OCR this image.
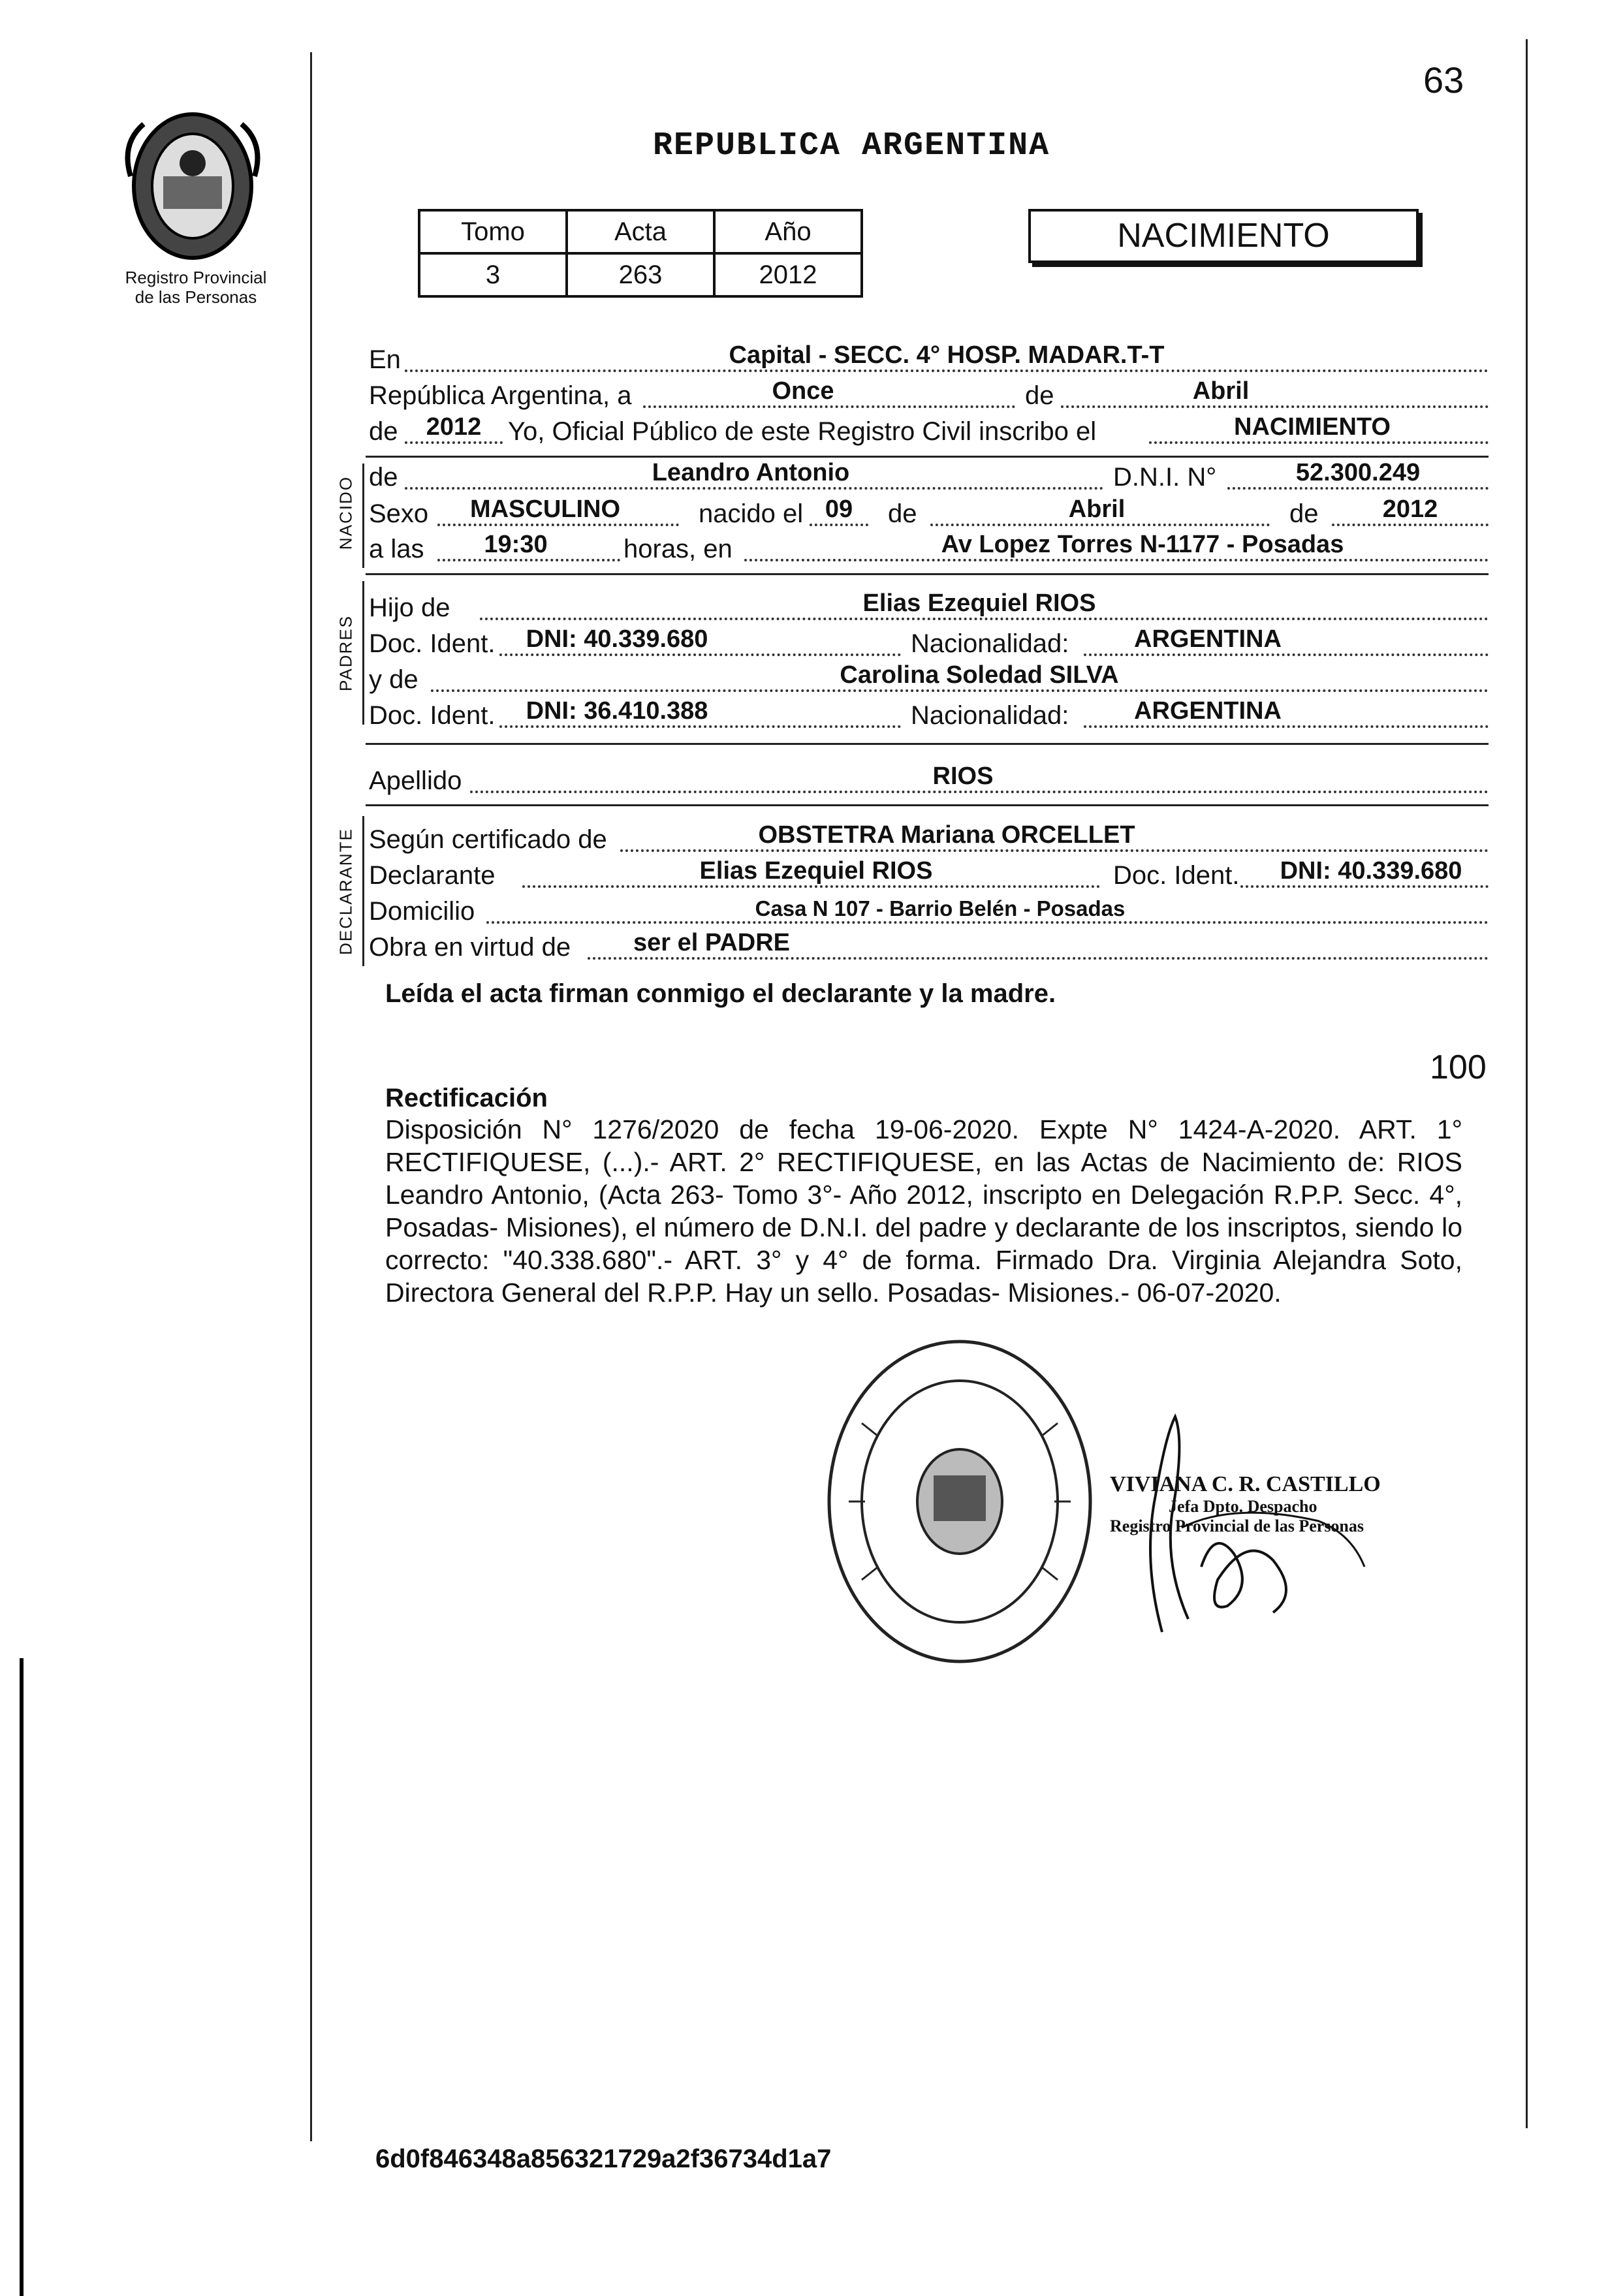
63
Registro Provincial
de las Personas
REPUBLICA ARGENTINA
Tomo	Acta	Año
3	263	2012
NACIMIENTO
En	Capital - SECC. 4° HOSP. MADAR.T-T
República Argentina, a	Once	de	Abril
de	2012	Yo, Oficial Público de este Registro Civil inscribo el	NACIMIENTO
NACIDO de	Leandro Antonio	D.N.I. N°	52.300.249
Sexo	MASCULINO	nacido el 09	de	Abril	de	2012
a las	19:30	horas, en	Av Lopez Torres N-1177 - Posadas
PADRES
Hijo de	Elias Ezequiel RIOS
Doc. Ident.	DNI: 40.339.680	Nacionalidad:	ARGENTINA
y de	Carolina Soledad SILVA
Doc. Ident.	DNI: 36.410.388	Nacionalidad:	ARGENTINA
Apellido	RIOS
DECLARANTE Según certificado de	OBSTETRA Mariana ORCELLET
Declarante	Elias Ezequiel RIOS	Doc. Ident.	DNI: 40.339.680
Domicilio	Casa N 107 - Barrio Belén - Posadas
Obra en virtud de	ser el PADRE
Leída el acta firman conmigo el declarante y la madre.
100
Rectificación
Disposición N° 1276/2020 de fecha 19-06-2020. Expte N° 1424-A-2020. ART. 1° RECTIFIQUESE, (...).- ART. 2° RECTIFIQUESE, en las Actas de Nacimiento de: RIOS Leandro Antonio, (Acta 263- Tomo 3°- Año 2012, inscripto en Delegación R.P.P. Secc. 4°, Posadas- Misiones), el número de D.N.I. del padre y declarante de los inscriptos, siendo lo correcto: "40.338.680".- ART. 3° y 4° de forma. Firmado Dra. Virginia Alejandra Soto, Directora General del R.P.P. Hay un sello. Posadas- Misiones.- 06-07-2020.
VIVIANA C. R. CASTILLO
Jefa Dpto. Despacho
Registro Provincial de las Personas
6d0f846348a856321729a2f36734d1a7
